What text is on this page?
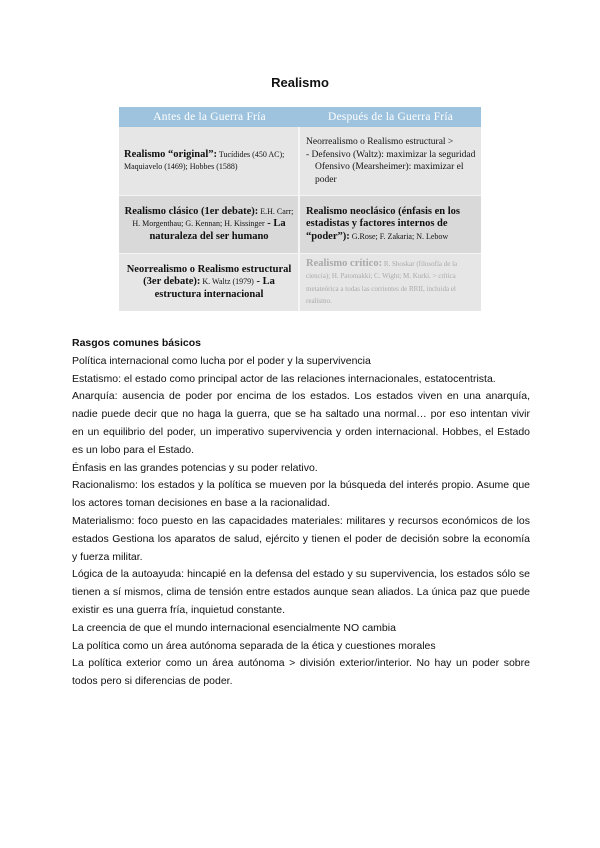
Realismo
Antes de la Guerra Fría	Después de la Guerra Fría
Realismo “original”: Tucídides (450 AC); Maquiavelo (1469); Hobbes (1588)
Neorrealismo o Realismo estructural >
- Defensivo (Waltz): maximizar la seguridad
Ofensivo (Mearsheimer): maximizar el poder
Realismo clásico (1er debate): E.H. Carr; H. Morgenthau; G. Kennan; H. Kissinger - La naturaleza del ser humano
Realismo neoclásico (énfasis en los estadistas y factores internos de “poder”): G.Rose; F. Zakaria; N. Lebow
Neorrealismo o Realismo estructural (3er debate): K. Waltz (1979) - La estructura internacional
Realismo crítico: R. Shoskar (filosofía de la ciencia); H. Patomakki; C. Wight; M. Kurki. > crítica metateórica a todas las corrientes de RRII, incluida el realismo.

Rasgos comunes básicos

Política internacional como lucha por el poder y la supervivencia

Estatismo: el estado como principal actor de las relaciones internacionales, estatocentrista.

Anarquía: ausencia de poder por encima de los estados. Los estados viven en una anarquía, nadie puede decir que no haga la guerra, que se ha saltado una normal… por eso intentan vivir en un equilibrio del poder, un imperativo supervivencia y orden internacional. Hobbes, el Estado es un lobo para el Estado.

Énfasis en las grandes potencias y su poder relativo.

Racionalismo: los estados y la política se mueven por la búsqueda del interés propio. Asume que los actores toman decisiones en base a la racionalidad.

Materialismo: foco puesto en las capacidades materiales: militares y recursos económicos de los estados Gestiona los aparatos de salud, ejército y tienen el poder de decisión sobre la economía y fuerza militar.

Lógica de la autoayuda: hincapié en la defensa del estado y su supervivencia, los estados sólo se tienen a sí mismos, clima de tensión entre estados aunque sean aliados. La única paz que puede existir es una guerra fría, inquietud constante.

La creencia de que el mundo internacional esencialmente NO cambia

La política como un área autónoma separada de la ética y cuestiones morales

La política exterior como un área autónoma > división exterior/interior. No hay un poder sobre todos pero si diferencias de poder.
